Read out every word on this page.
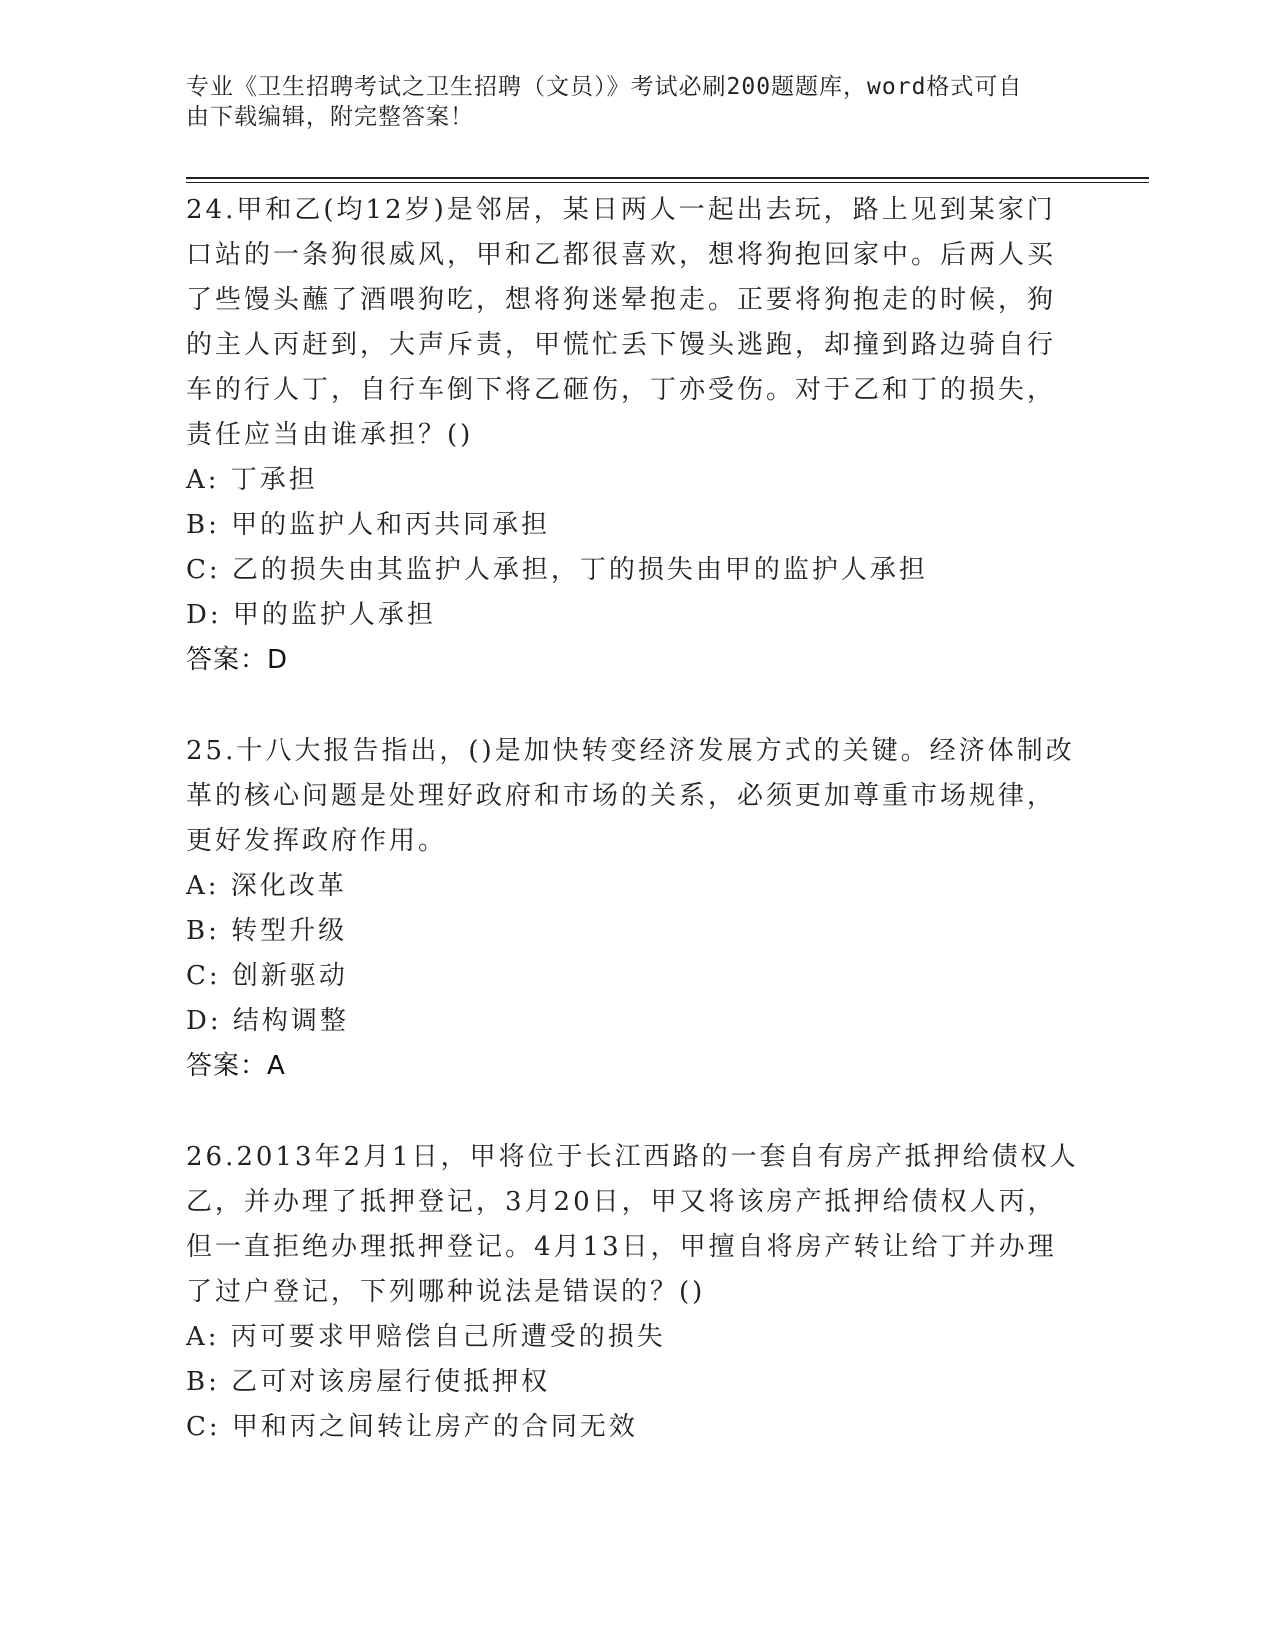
专业《卫生招聘考试之卫生招聘（文员）》考试必刷200题题库，word格式可自
由下载编辑，附完整答案！

24.甲和乙(均12岁)是邻居，某日两人一起出去玩，路上见到某家门

口站的一条狗很威风，甲和乙都很喜欢，想将狗抱回家中。后两人买

了些馒头蘸了酒喂狗吃，想将狗迷晕抱走。正要将狗抱走的时候，狗

的主人丙赶到，大声斥责，甲慌忙丢下馒头逃跑，却撞到路边骑自行

车的行人丁，自行车倒下将乙砸伤，丁亦受伤。对于乙和丁的损失，

责任应当由谁承担？()

A: 丁承担

B: 甲的监护人和丙共同承担

C: 乙的损失由其监护人承担，丁的损失由甲的监护人承担

D: 甲的监护人承担

答案：D

25.十八大报告指出，()是加快转变经济发展方式的关键。经济体制改

革的核心问题是处理好政府和市场的关系，必须更加尊重市场规律，

更好发挥政府作用。

A: 深化改革

B: 转型升级

C: 创新驱动

D: 结构调整

答案：A

26.2013年2月1日，甲将位于长江西路的一套自有房产抵押给债权人

乙，并办理了抵押登记，3月20日，甲又将该房产抵押给债权人丙，

但一直拒绝办理抵押登记。4月13日，甲擅自将房产转让给丁并办理

了过户登记，下列哪种说法是错误的？()

A: 丙可要求甲赔偿自己所遭受的损失

B: 乙可对该房屋行使抵押权

C: 甲和丙之间转让房产的合同无效
